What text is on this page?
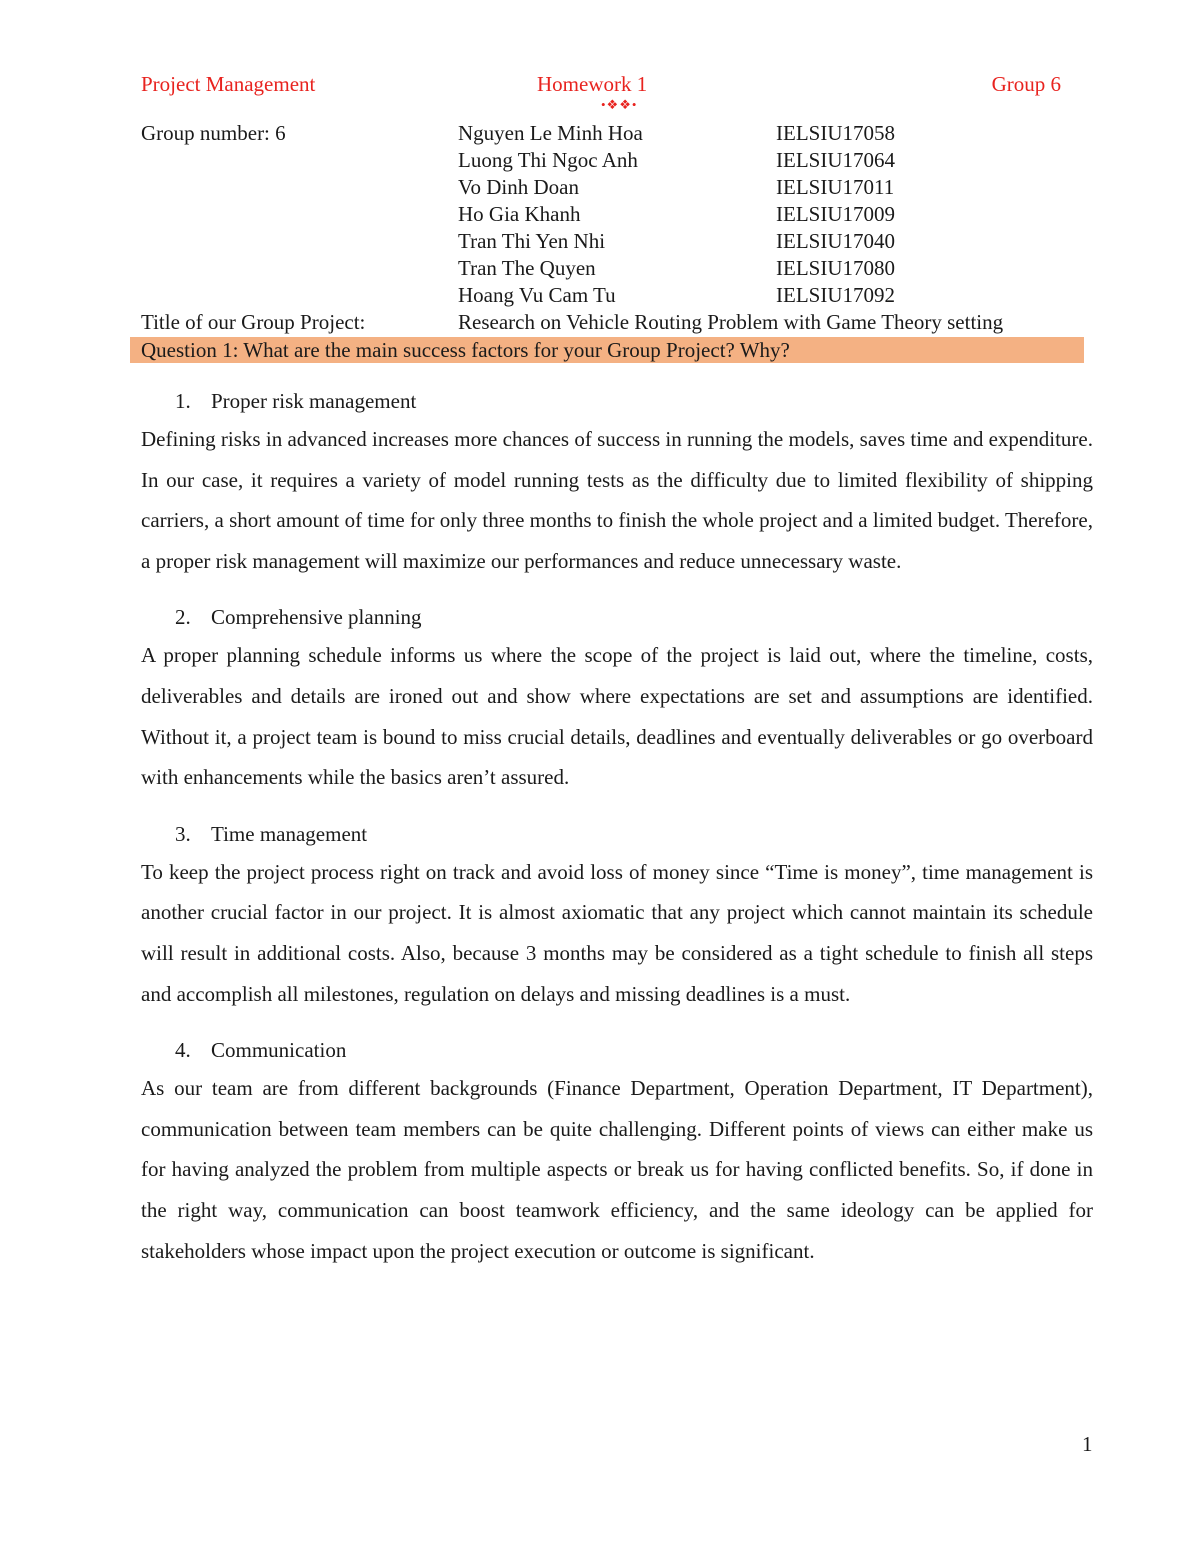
Project Management	Homework 1	Group 6
•❖❖•
Group number: 6	Nguyen Le Minh Hoa	IELSIU17058
Luong Thi Ngoc Anh	IELSIU17064
Vo Dinh Doan	IELSIU17011
Ho Gia Khanh	IELSIU17009
Tran Thi Yen Nhi	IELSIU17040
Tran The Quyen	IELSIU17080
Hoang Vu Cam Tu	IELSIU17092
Title of our Group Project:	Research on Vehicle Routing Problem with Game Theory setting
Question 1: What are the main success factors for your Group Project? Why?
1. Proper risk management

Defining risks in advanced increases more chances of success in running the models, saves time and expenditure. In our case, it requires a variety of model running tests as the difficulty due to limited flexibility of shipping carriers, a short amount of time for only three months to finish the whole project and a limited budget. Therefore, a proper risk management will maximize our performances and reduce unnecessary waste.

2. Comprehensive planning

A proper planning schedule informs us where the scope of the project is laid out, where the timeline, costs, deliverables and details are ironed out and show where expectations are set and assumptions are identified. Without it, a project team is bound to miss crucial details, deadlines and eventually deliverables or go overboard with enhancements while the basics aren’t assured.

3. Time management

To keep the project process right on track and avoid loss of money since “Time is money”, time management is another crucial factor in our project. It is almost axiomatic that any project which cannot maintain its schedule will result in additional costs. Also, because 3 months may be considered as a tight schedule to finish all steps and accomplish all milestones, regulation on delays and missing deadlines is a must.

4. Communication

As our team are from different backgrounds (Finance Department, Operation Department, IT Department), communication between team members can be quite challenging. Different points of views can either make us for having analyzed the problem from multiple aspects or break us for having conflicted benefits. So, if done in the right way, communication can boost teamwork efficiency, and the same ideology can be applied for stakeholders whose impact upon the project execution or outcome is significant.

1
